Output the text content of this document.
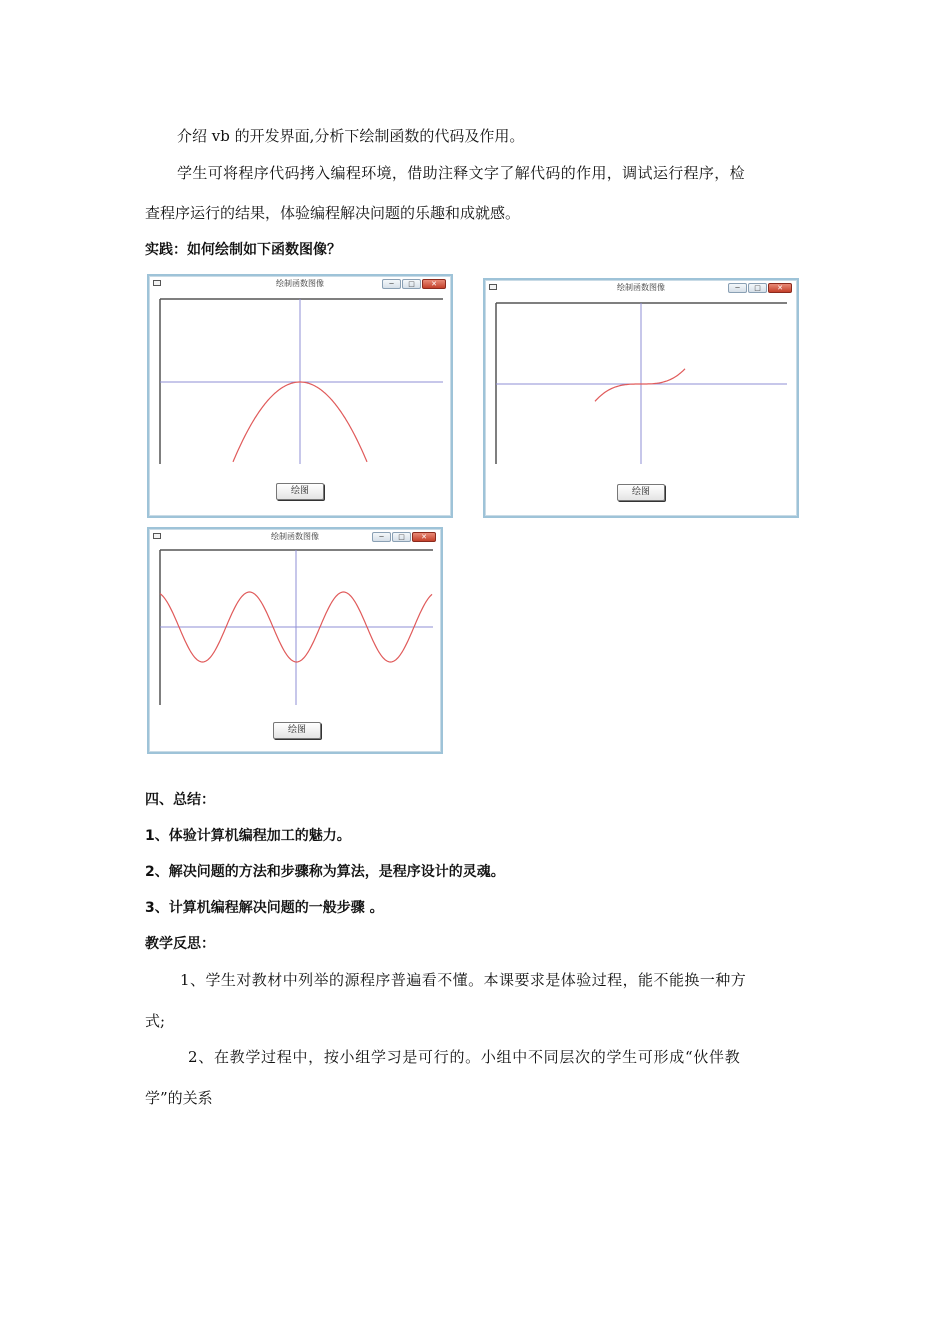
介绍 vb 的开发界面,分析下绘制函数的代码及作用。
学生可将程序代码拷入编程环境，借助注释文字了解代码的作用，调试运行程序，检
查程序运行的结果，体验编程解决问题的乐趣和成就感。
实践：如何绘制如下函数图像？
绘制函数图像	─	□	✕
绘图
绘制函数图像	─	□	✕
绘图
绘制函数图像	─	□	✕
绘图
四、总结：
1、体验计算机编程加工的魅力。
2、解决问题的方法和步骤称为算法，是程序设计的灵魂。
3、计算机编程解决问题的一般步骤 。
教学反思：
1、学生对教材中列举的源程序普遍看不懂。本课要求是体验过程，能不能换一种方
式;
2、在教学过程中，按小组学习是可行的。小组中不同层次的学生可形成“伙伴教
学”的关系
